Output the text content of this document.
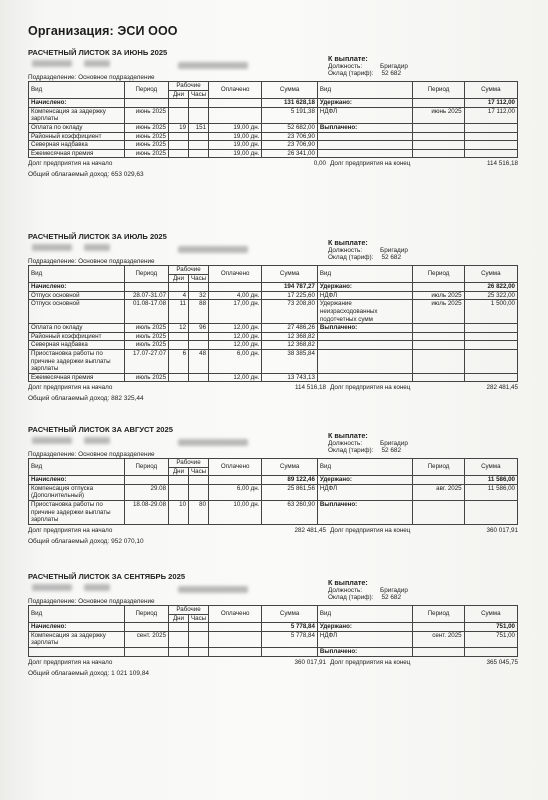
Организация: ЭСИ ООО
РАСЧЕТНЫЙ ЛИСТОК ЗА ИЮНЬ 2025

К выплате:
Должность:	Бригадир
Оклад (тариф): 52 682
Подразделение: Основное подразделение
Вид	Период	Рабочие		Оплачено	Сумма	Вид	Период	Сумма
		Дни	Часы					
Начислено:					131 628,18	Удержано:		17 112,00
Компенсация за задержку зарплаты	июнь 2025				5 191,38	НДФЛ	июнь 2025	17 112,00
Оплата по окладу	июнь 2025	19	151	19,00 дн.	52 682,00	Выплачено:		
Районный коэффициент	июнь 2025			19,00 дн.	23 706,90			
Северная надбавка	июнь 2025			19,00 дн.	23 706,90			
Ежемесячная премия	июнь 2025			19,00 дн.	26 341,00			
Долг предприятия на начало	0,00 Долг предприятия на конец	114 516,18
Общий облагаемый доход: 653 029,63
РАСЧЕТНЫЙ ЛИСТОК ЗА ИЮЛЬ 2025

К выплате:
Должность:	Бригадир
Оклад (тариф): 52 682
Подразделение: Основное подразделение
Вид	Период	Рабочие		Оплачено	Сумма	Вид	Период	Сумма
		Дни	Часы					
Начислено:					194 787,27	Удержано:		26 822,00
Отпуск основной	28.07-31.07	4	32	4,00 дн.	17 225,60	НДФЛ	июль 2025	25 322,00
Отпуск основной	01.08-17.08	11	88	17,00 дн.	73 208,80	Удержание неизрасходованных подотчетных сумм	июль 2025	1 500,00
Оплата по окладу	июль 2025	12	96	12,00 дн.	27 486,26	Выплачено:		
Районный коэффициент	июль 2025			12,00 дн.	12 368,82			
Северная надбавка	июль 2025			12,00 дн.	12 368,82			
Приостановка работы по причине задержки выплаты зарплаты	17.07-27.07	6	48	6,00 дн.	38 385,84			
Ежемесячная премия	июль 2025			12,00 дн.	13 743,13			
Долг предприятия на начало	114 516,18 Долг предприятия на конец	282 481,45
Общий облагаемый доход: 882 325,44
РАСЧЕТНЫЙ ЛИСТОК ЗА АВГУСТ 2025

К выплате:
Должность:	Бригадир
Оклад (тариф): 52 682
Подразделение: Основное подразделение
Вид	Период	Рабочие		Оплачено	Сумма	Вид	Период	Сумма
		Дни	Часы					
Начислено:					89 122,46	Удержано:		11 586,00
Компенсация отпуска (Дополнительный)	29.08			6,00 дн.	25 861,56	НДФЛ	авг. 2025	11 586,00
Приостановка работы по причине задержки выплаты зарплаты	18.08-29.08	10	80	10,00 дн.	63 260,90	Выплачено:		
Долг предприятия на начало	282 481,45 Долг предприятия на конец	360 017,91
Общий облагаемый доход: 952 070,10
РАСЧЕТНЫЙ ЛИСТОК ЗА СЕНТЯБРЬ 2025

К выплате:
Должность:	Бригадир
Оклад (тариф): 52 682
Подразделение: Основное подразделение
Вид	Период	Рабочие		Оплачено	Сумма	Вид	Период	Сумма
		Дни	Часы					
Начислено:					5 778,84	Удержано:		751,00
Компенсация за задержку зарплаты	сент. 2025				5 778,84	НДФЛ	сент. 2025	751,00
						Выплачено:		
Долг предприятия на начало	360 017,91 Долг предприятия на конец	365 045,75
Общий облагаемый доход: 1 021 109,84
